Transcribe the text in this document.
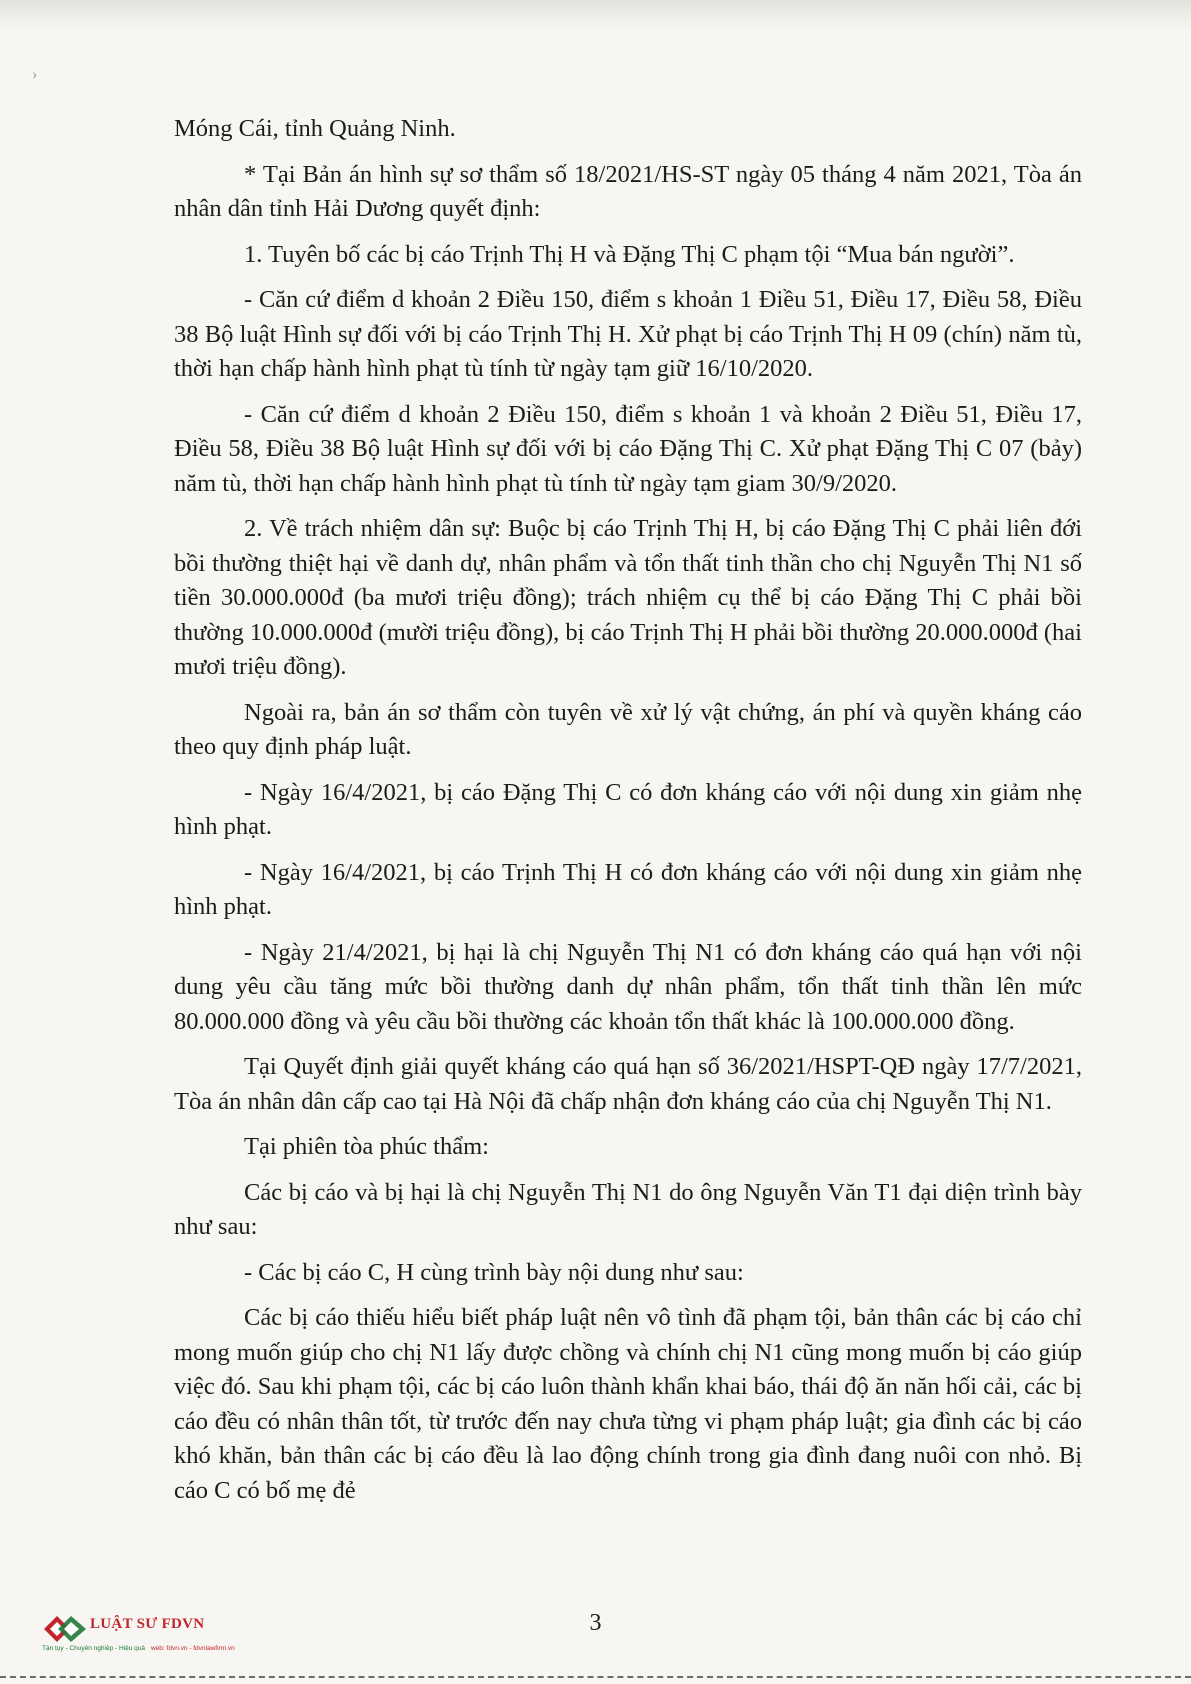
›

Móng Cái, tỉnh Quảng Ninh.

* Tại Bản án hình sự sơ thẩm số 18/2021/HS-ST ngày 05 tháng 4 năm 2021, Tòa án nhân dân tỉnh Hải Dương quyết định:

1. Tuyên bố các bị cáo Trịnh Thị H và Đặng Thị C phạm tội “Mua bán người”.

- Căn cứ điểm d khoản 2 Điều 150, điểm s khoản 1 Điều 51, Điều 17, Điều 58, Điều 38 Bộ luật Hình sự đối với bị cáo Trịnh Thị H. Xử phạt bị cáo Trịnh Thị H 09 (chín) năm tù, thời hạn chấp hành hình phạt tù tính từ ngày tạm giữ 16/10/2020.

- Căn cứ điểm d khoản 2 Điều 150, điểm s khoản 1 và khoản 2 Điều 51, Điều 17, Điều 58, Điều 38 Bộ luật Hình sự đối với bị cáo Đặng Thị C. Xử phạt Đặng Thị C 07 (bảy) năm tù, thời hạn chấp hành hình phạt tù tính từ ngày tạm giam 30/9/2020.

2. Về trách nhiệm dân sự: Buộc bị cáo Trịnh Thị H, bị cáo Đặng Thị C phải liên đới bồi thường thiệt hại về danh dự, nhân phẩm và tổn thất tinh thần cho chị Nguyễn Thị N1 số tiền 30.000.000đ (ba mươi triệu đồng); trách nhiệm cụ thể bị cáo Đặng Thị C phải bồi thường 10.000.000đ (mười triệu đồng), bị cáo Trịnh Thị H phải bồi thường 20.000.000đ (hai mươi triệu đồng).

Ngoài ra, bản án sơ thẩm còn tuyên về xử lý vật chứng, án phí và quyền kháng cáo theo quy định pháp luật.

- Ngày 16/4/2021, bị cáo Đặng Thị C có đơn kháng cáo với nội dung xin giảm nhẹ hình phạt.

- Ngày 16/4/2021, bị cáo Trịnh Thị H có đơn kháng cáo với nội dung xin giảm nhẹ hình phạt.

- Ngày 21/4/2021, bị hại là chị Nguyễn Thị N1 có đơn kháng cáo quá hạn với nội dung yêu cầu tăng mức bồi thường danh dự nhân phẩm, tổn thất tinh thần lên mức 80.000.000 đồng và yêu cầu bồi thường các khoản tổn thất khác là 100.000.000 đồng.

Tại Quyết định giải quyết kháng cáo quá hạn số 36/2021/HSPT-QĐ ngày 17/7/2021, Tòa án nhân dân cấp cao tại Hà Nội đã chấp nhận đơn kháng cáo của chị Nguyễn Thị N1.

Tại phiên tòa phúc thẩm:

Các bị cáo và bị hại là chị Nguyễn Thị N1 do ông Nguyễn Văn T1 đại diện trình bày như sau:

- Các bị cáo C, H cùng trình bày nội dung như sau:

Các bị cáo thiếu hiểu biết pháp luật nên vô tình đã phạm tội, bản thân các bị cáo chỉ mong muốn giúp cho chị N1 lấy được chồng và chính chị N1 cũng mong muốn bị cáo giúp việc đó. Sau khi phạm tội, các bị cáo luôn thành khẩn khai báo, thái độ ăn năn hối cải, các bị cáo đều có nhân thân tốt, từ trước đến nay chưa từng vi phạm pháp luật; gia đình các bị cáo khó khăn, bản thân các bị cáo đều là lao động chính trong gia đình đang nuôi con nhỏ. Bị cáo C có bố mẹ đẻ

LUẬT SƯ FDVN
Tận tụy - Chuyên nghiệp - Hiệu quả web: fdvn.vn - fdvnlawfirm.vn
3
